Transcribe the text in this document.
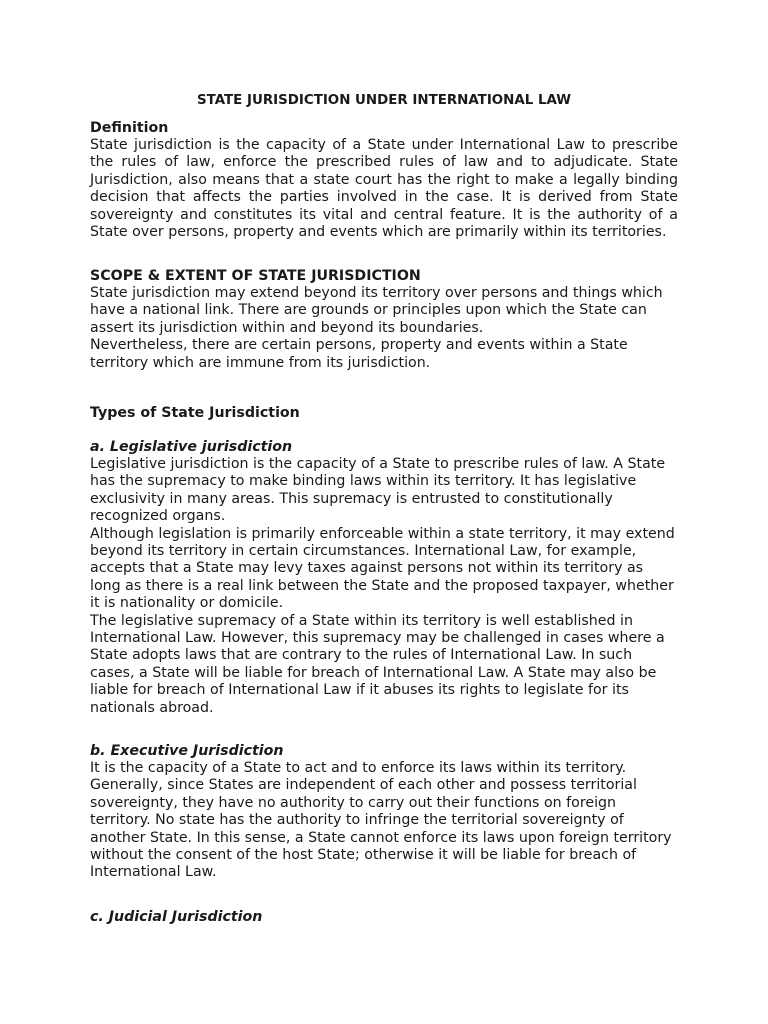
STATE JURISDICTION UNDER INTERNATIONAL LAW
Definition

State jurisdiction is the capacity of a State under International Law to prescribe the rules of law, enforce the prescribed rules of law and to adjudicate. State Jurisdiction, also means that a state court has the right to make a legally binding decision that affects the parties involved in the case. It is derived from State sovereignty and constitutes its vital and central feature. It is the authority of a State over persons, property and events which are primarily within its territories.

SCOPE & EXTENT OF STATE JURISDICTION

State jurisdiction may extend beyond its territory over persons and things which have a national link. There are grounds or principles upon which the State can assert its jurisdiction within and beyond its boundaries.

Nevertheless, there are certain persons, property and events within a State territory which are immune from its jurisdiction.

Types of State Jurisdiction
a. Legislative jurisdiction

Legislative jurisdiction is the capacity of a State to prescribe rules of law. A State has the supremacy to make binding laws within its territory. It has legislative exclusivity in many areas. This supremacy is entrusted to constitutionally recognized organs.

Although legislation is primarily enforceable within a state territory, it may extend beyond its territory in certain circumstances. International Law, for example, accepts that a State may levy taxes against persons not within its territory as long as there is a real link between the State and the proposed taxpayer, whether it is nationality or domicile.

The legislative supremacy of a State within its territory is well established in International Law. However, this supremacy may be challenged in cases where a State adopts laws that are contrary to the rules of International Law. In such cases, a State will be liable for breach of International Law. A State may also be liable for breach of International Law if it abuses its rights to legislate for its nationals abroad.

b. Executive Jurisdiction

It is the capacity of a State to act and to enforce its laws within its territory. Generally, since States are independent of each other and possess territorial sovereignty, they have no authority to carry out their functions on foreign territory. No state has the authority to infringe the territorial sovereignty of another State. In this sense, a State cannot enforce its laws upon foreign territory without the consent of the host State; otherwise it will be liable for breach of International Law.

c. Judicial Jurisdiction
